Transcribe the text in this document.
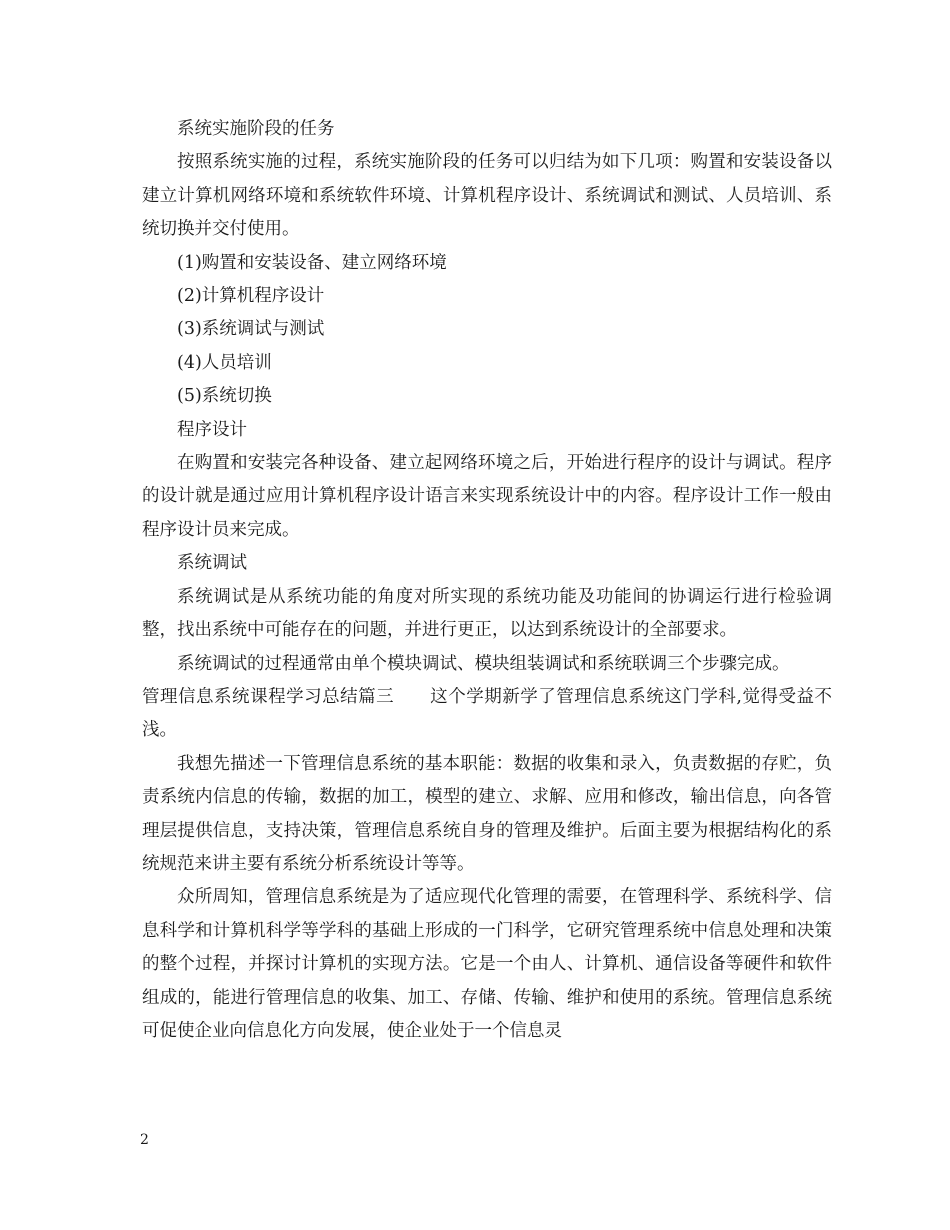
系统实施阶段的任务

按照系统实施的过程，系统实施阶段的任务可以归结为如下几项：购置和安装设备以建立计算机网络环境和系统软件环境、计算机程序设计、系统调试和测试、人员培训、系统切换并交付使用。

(1)购置和安装设备、建立网络环境

(2)计算机程序设计

(3)系统调试与测试

(4)人员培训

(5)系统切换

程序设计

在购置和安装完各种设备、建立起网络环境之后，开始进行程序的设计与调试。程序的设计就是通过应用计算机程序设计语言来实现系统设计中的内容。程序设计工作一般由程序设计员来完成。

系统调试

系统调试是从系统功能的角度对所实现的系统功能及功能间的协调运行进行检验调整，找出系统中可能存在的问题，并进行更正，以达到系统设计的全部要求。

系统调试的过程通常由单个模块调试、模块组装调试和系统联调三个步骤完成。

管理信息系统课程学习总结篇三　　这个学期新学了管理信息系统这门学科,觉得受益不浅。

我想先描述一下管理信息系统的基本职能：数据的收集和录入，负责数据的存贮，负责系统内信息的传输，数据的加工，模型的建立、求解、应用和修改，输出信息，向各管理层提供信息，支持决策，管理信息系统自身的管理及维护。后面主要为根据结构化的系统规范来讲主要有系统分析系统设计等等。

众所周知，管理信息系统是为了适应现代化管理的需要，在管理科学、系统科学、信息科学和计算机科学等学科的基础上形成的一门科学，它研究管理系统中信息处理和决策的整个过程，并探讨计算机的实现方法。它是一个由人、计算机、通信设备等硬件和软件组成的，能进行管理信息的收集、加工、存储、传输、维护和使用的系统。管理信息系统可促使企业向信息化方向发展，使企业处于一个信息灵

2
